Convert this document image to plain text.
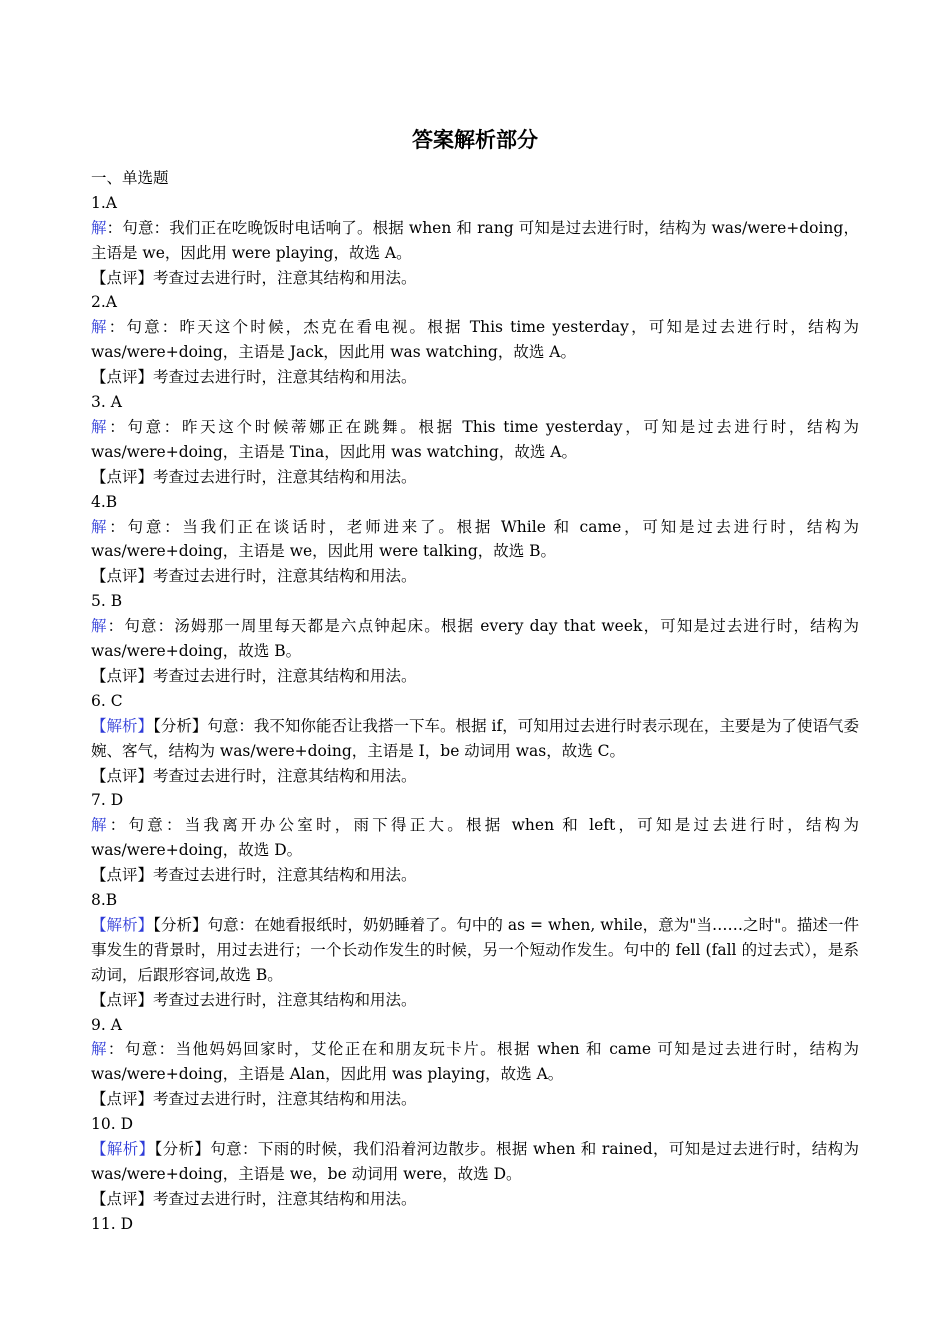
答案解析部分
一、单选题
1.A
解：句意：我们正在吃晚饭时电话响了。根据 when 和 rang 可知是过去进行时，结构为 was/were+doing，主语是 we，因此用 were playing，故选 A。
【点评】考查过去进行时，注意其结构和用法。
2.A
解：句意：昨天这个时候，杰克在看电视。根据 This time yesterday，可知是过去进行时，结构为 was/were+doing，主语是 Jack，因此用 was watching，故选 A。
【点评】考查过去进行时，注意其结构和用法。
3. A
解：句意：昨天这个时候蒂娜正在跳舞。根据 This time yesterday，可知是过去进行时，结构为 was/were+doing，主语是 Tina，因此用 was watching，故选 A。
【点评】考查过去进行时，注意其结构和用法。
4.B
解：句意：当我们正在谈话时，老师进来了。根据 While 和 came，可知是过去进行时，结构为 was/were+doing，主语是 we，因此用 were talking，故选 B。
【点评】考查过去进行时，注意其结构和用法。
5. B
解：句意：汤姆那一周里每天都是六点钟起床。根据 every day that week，可知是过去进行时，结构为 was/were+doing，故选 B。
【点评】考查过去进行时，注意其结构和用法。
6. C
【解析】【分析】句意：我不知你能否让我搭一下车。根据 if，可知用过去进行时表示现在，主要是为了使语气委婉、客气，结构为 was/were+doing，主语是 I，be 动词用 was，故选 C。
【点评】考查过去进行时，注意其结构和用法。
7. D
解：句意：当我离开办公室时，雨下得正大。根据 when 和 left，可知是过去进行时，结构为 was/were+doing，故选 D。
【点评】考查过去进行时，注意其结构和用法。
8.B
【解析】【分析】句意：在她看报纸时，奶奶睡着了。句中的 as = when, while，意为"当……之时"。描述一件事发生的背景时，用过去进行；一个长动作发生的时候，另一个短动作发生。句中的 fell (fall 的过去式），是系动词，后跟形容词,故选 B。
【点评】考查过去进行时，注意其结构和用法。
9. A
解：句意：当他妈妈回家时，艾伦正在和朋友玩卡片。根据 when 和 came 可知是过去进行时，结构为 was/were+doing，主语是 Alan，因此用 was playing，故选 A。
【点评】考查过去进行时，注意其结构和用法。
10. D
【解析】【分析】句意：下雨的时候，我们沿着河边散步。根据 when 和 rained，可知是过去进行时，结构为 was/were+doing，主语是 we，be 动词用 were，故选 D。
【点评】考查过去进行时，注意其结构和用法。
11. D
